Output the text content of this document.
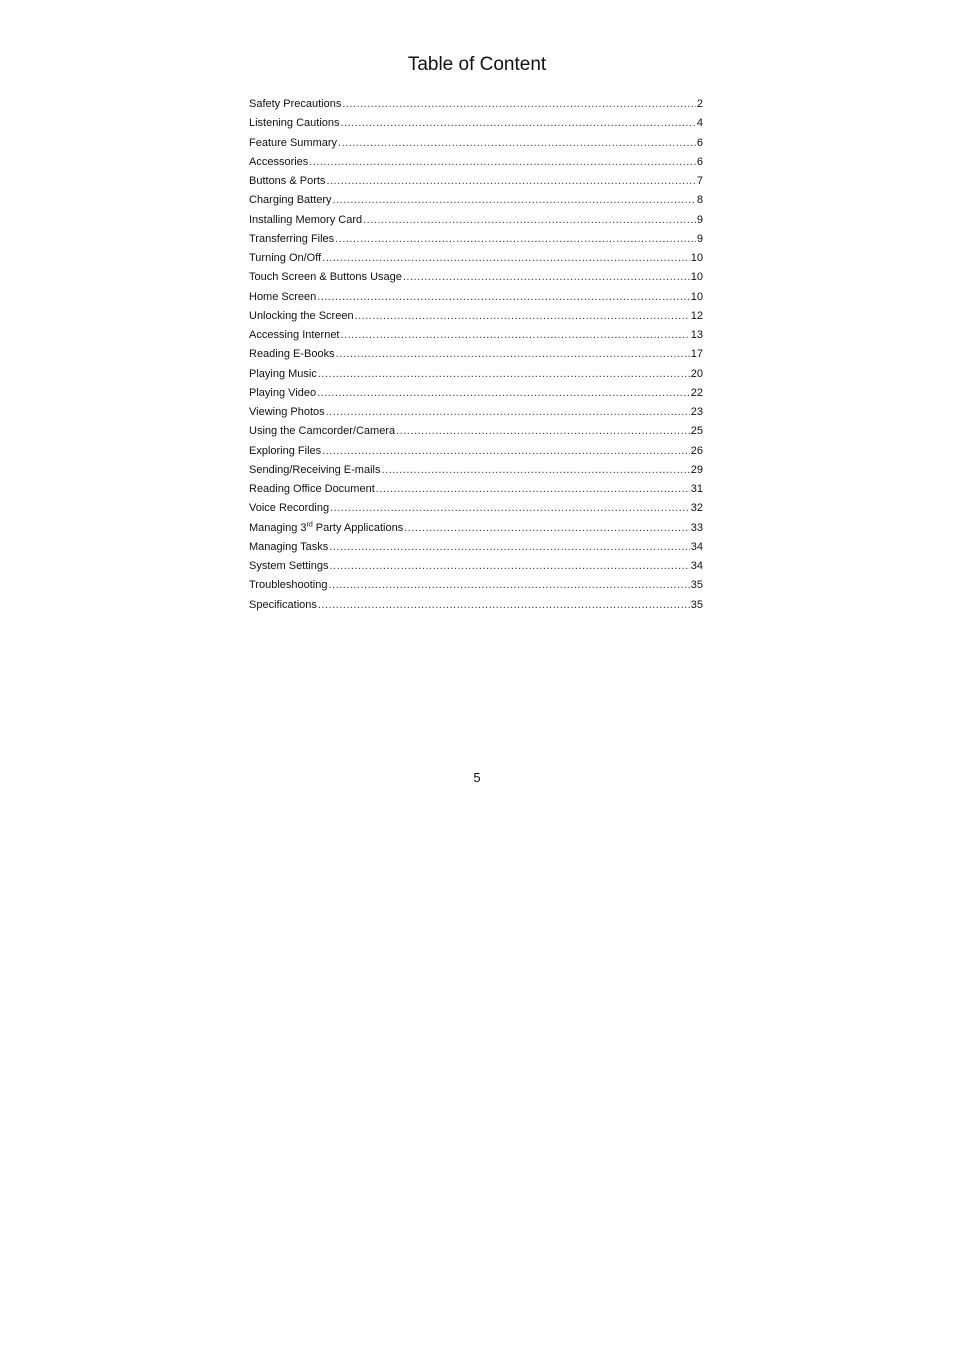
Table of Content
Safety Precautions .....	2
Listening Cautions .....	4
Feature Summary .....	6
Accessories .....	6
Buttons & Ports .....	7
Charging Battery .....	8
Installing Memory Card .....	9
Transferring Files .....	9
Turning On/Off .....	10
Touch Screen & Buttons Usage .....	10
Home Screen .....	10
Unlocking the Screen .....	12
Accessing Internet .....	13
Reading E-Books .....	17
Playing Music .....	20
Playing Video .....	22
Viewing Photos .....	23
Using the Camcorder/Camera .....	25
Exploring Files .....	26
Sending/Receiving E-mails .....	29
Reading Office Document .....	31
Voice Recording .....	32
Managing 3rd Party Applications .....	33
Managing Tasks .....	34
System Settings .....	34
Troubleshooting .....	35
Specifications .....	35
5
